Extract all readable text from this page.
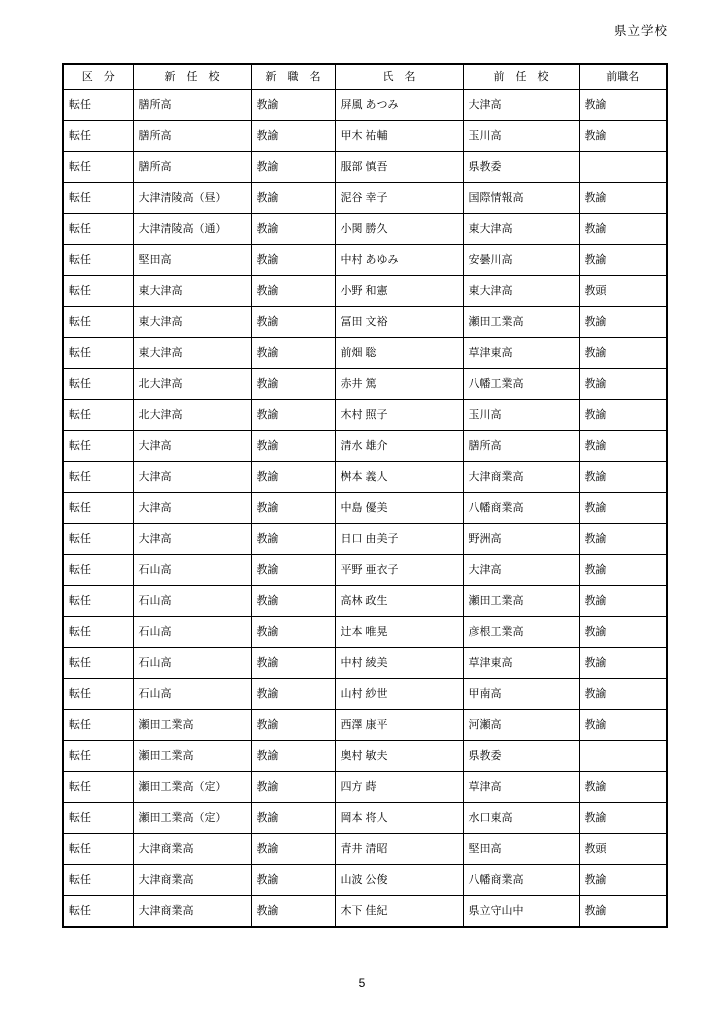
県立学校
区　分	新　任　校	新　職　名	氏　名	前　任　校	前職名
転任	膳所高	教諭	屏風 あつみ	大津高	教諭
転任	膳所高	教諭	甲木 祐輔	玉川高	教諭
転任	膳所高	教諭	服部 慎吾	県教委	
転任	大津清陵高（昼）	教諭	泥谷 幸子	国際情報高	教諭
転任	大津清陵高（通）	教諭	小関 勝久	東大津高	教諭
転任	堅田高	教諭	中村 あゆみ	安曇川高	教諭
転任	東大津高	教諭	小野 和憲	東大津高	教頭
転任	東大津高	教諭	冨田 文裕	瀬田工業高	教諭
転任	東大津高	教諭	前畑 聡	草津東高	教諭
転任	北大津高	教諭	赤井 篤	八幡工業高	教諭
転任	北大津高	教諭	木村 照子	玉川高	教諭
転任	大津高	教諭	清水 雄介	膳所高	教諭
転任	大津高	教諭	桝本 義人	大津商業高	教諭
転任	大津高	教諭	中島 優美	八幡商業高	教諭
転任	大津高	教諭	日口 由美子	野洲高	教諭
転任	石山高	教諭	平野 亜衣子	大津高	教諭
転任	石山高	教諭	高林 政生	瀬田工業高	教諭
転任	石山高	教諭	辻本 唯晃	彦根工業高	教諭
転任	石山高	教諭	中村 綾美	草津東高	教諭
転任	石山高	教諭	山村 紗世	甲南高	教諭
転任	瀬田工業高	教諭	西澤 康平	河瀬高	教諭
転任	瀬田工業高	教諭	奥村 敏夫	県教委	
転任	瀬田工業高（定）	教諭	四方 蒔	草津高	教諭
転任	瀬田工業高（定）	教諭	岡本 将人	水口東高	教諭
転任	大津商業高	教諭	青井 清昭	堅田高	教頭
転任	大津商業高	教諭	山波 公俊	八幡商業高	教諭
転任	大津商業高	教諭	木下 佳紀	県立守山中	教諭
5
